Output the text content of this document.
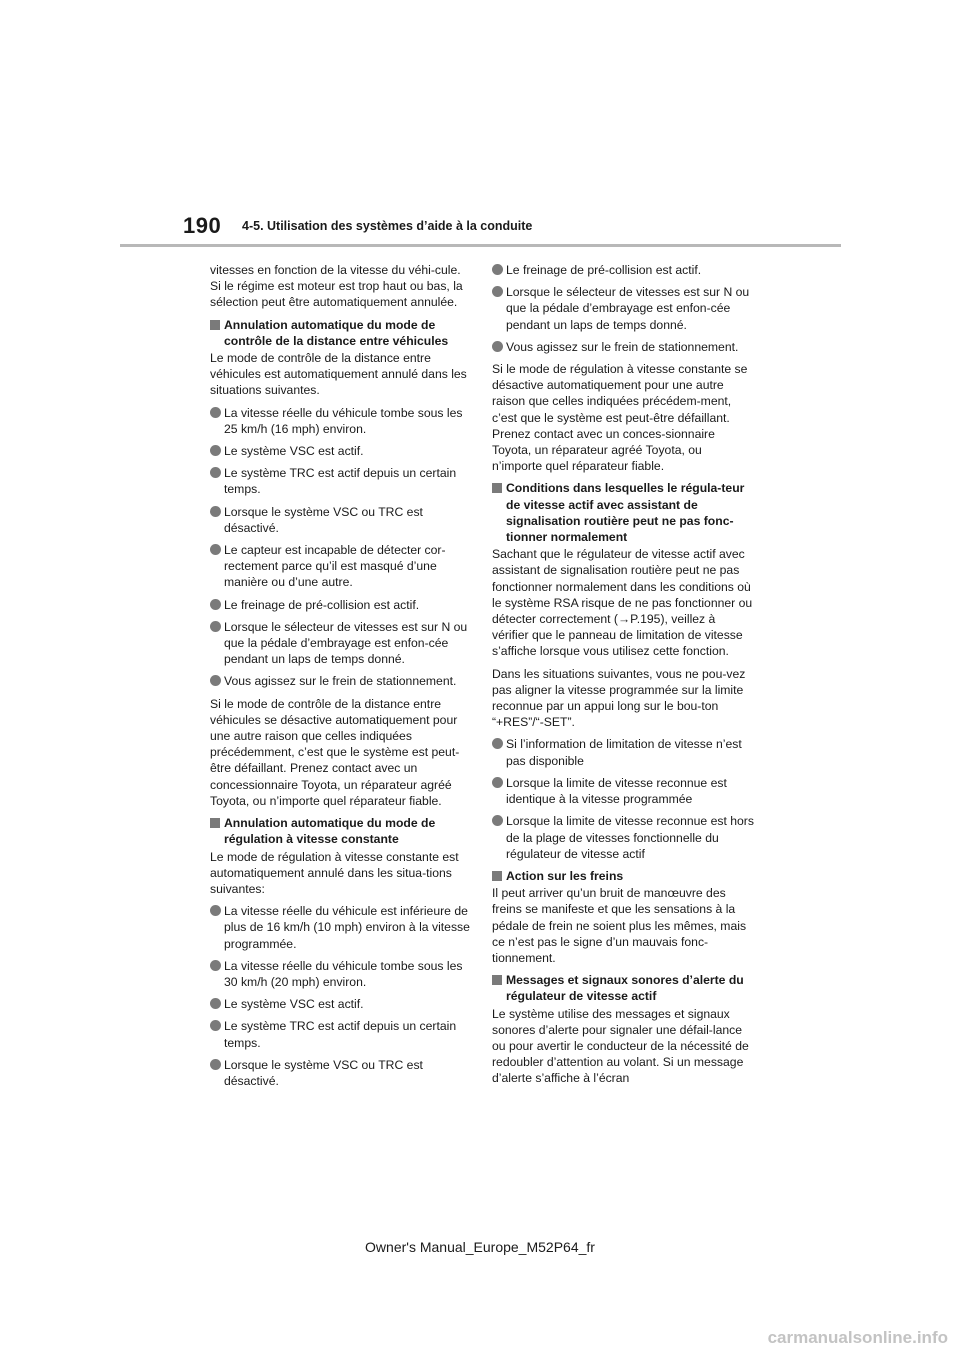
190 4-5. Utilisation des systèmes d’aide à la conduite

vitesses en fonction de la vitesse du véhi-cule. Si le régime est moteur est trop haut ou bas, la sélection peut être automatiquement annulée.

Annulation automatique du mode de contrôle de la distance entre véhicules

Le mode de contrôle de la distance entre véhicules est automatiquement annulé dans les situations suivantes.

La vitesse réelle du véhicule tombe sous les 25 km/h (16 mph) environ.
Le système VSC est actif.
Le système TRC est actif depuis un certain temps.
Lorsque le système VSC ou TRC est désactivé.
Le capteur est incapable de détecter cor-rectement parce qu’il est masqué d’une manière ou d’une autre.
Le freinage de pré-collision est actif.
Lorsque le sélecteur de vitesses est sur N ou que la pédale d’embrayage est enfon-cée pendant un laps de temps donné.
Vous agissez sur le frein de stationnement.

Si le mode de contrôle de la distance entre véhicules se désactive automatiquement pour une autre raison que celles indiquées précédemment, c’est que le système est peut-être défaillant. Prenez contact avec un concessionnaire Toyota, un réparateur agréé Toyota, ou n’importe quel réparateur fiable.

Annulation automatique du mode de régulation à vitesse constante

Le mode de régulation à vitesse constante est automatiquement annulé dans les situa-tions suivantes:

La vitesse réelle du véhicule est inférieure de plus de 16 km/h (10 mph) environ à la vitesse programmée.
La vitesse réelle du véhicule tombe sous les 30 km/h (20 mph) environ.
Le système VSC est actif.
Le système TRC est actif depuis un certain temps.
Lorsque le système VSC ou TRC est désactivé.
Le freinage de pré-collision est actif.
Lorsque le sélecteur de vitesses est sur N ou que la pédale d’embrayage est enfon-cée pendant un laps de temps donné.
Vous agissez sur le frein de stationnement.

Si le mode de régulation à vitesse constante se désactive automatiquement pour une autre raison que celles indiquées précédem-ment, c’est que le système est peut-être défaillant. Prenez contact avec un conces-sionnaire Toyota, un réparateur agréé Toyota, ou n’importe quel réparateur fiable.

Conditions dans lesquelles le régula-teur de vitesse actif avec assistant de signalisation routière peut ne pas fonc-tionner normalement

Sachant que le régulateur de vitesse actif avec assistant de signalisation routière peut ne pas fonctionner normalement dans les conditions où le système RSA risque de ne pas fonctionner ou détecter correctement (→P.195), veillez à vérifier que le panneau de limitation de vitesse s’affiche lorsque vous utilisez cette fonction.

Dans les situations suivantes, vous ne pou-vez pas aligner la vitesse programmée sur la limite reconnue par un appui long sur le bou-ton “+RES”/“-SET”.

Si l’information de limitation de vitesse n’est pas disponible
Lorsque la limite de vitesse reconnue est identique à la vitesse programmée
Lorsque la limite de vitesse reconnue est hors de la plage de vitesses fonctionnelle du régulateur de vitesse actif
Action sur les freins

Il peut arriver qu’un bruit de manœuvre des freins se manifeste et que les sensations à la pédale de frein ne soient plus les mêmes, mais ce n’est pas le signe d’un mauvais fonc-tionnement.

Messages et signaux sonores d’alerte du régulateur de vitesse actif

Le système utilise des messages et signaux sonores d’alerte pour signaler une défail-lance ou pour avertir le conducteur de la nécessité de redoubler d’attention au volant. Si un message d’alerte s’affiche à l’écran

Owner's Manual_Europe_M52P64_fr
carmanualsonline.info
